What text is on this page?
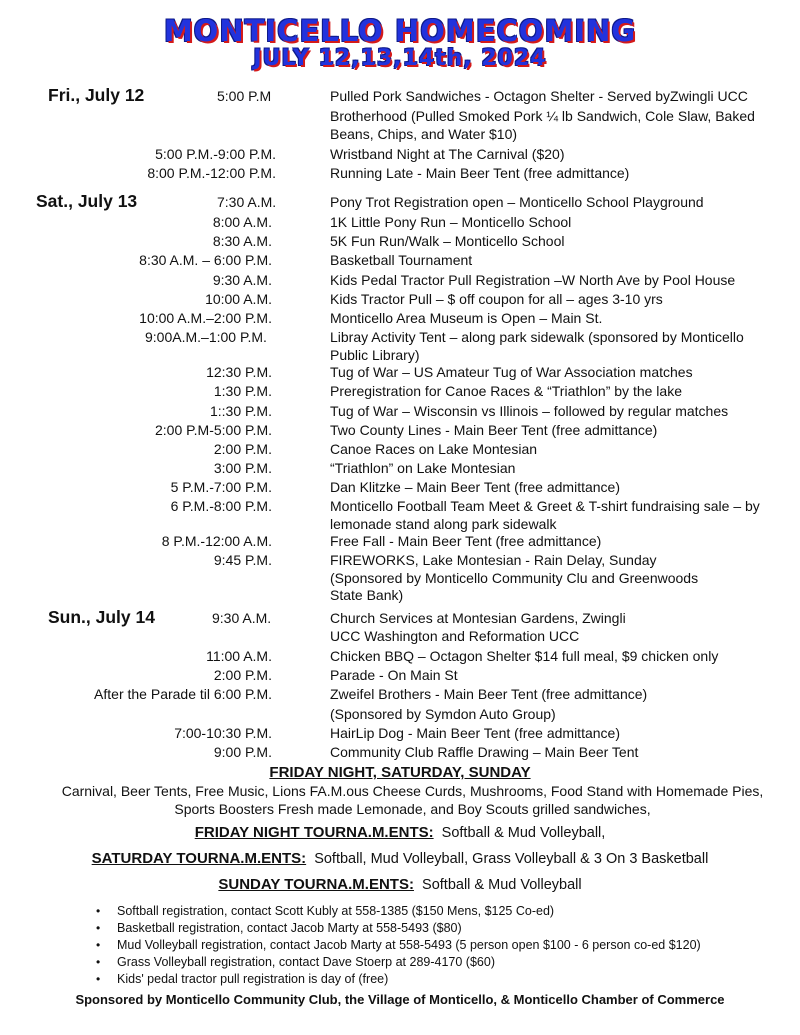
MONTICELLO HOMECOMING
JULY 12,13,14th, 2024
Fri., July 12	5:00 P.M	Pulled Pork Sandwiches - Octagon Shelter - Served byZwingli UCC
Brotherhood (Pulled Smoked Pork ¼ lb Sandwich, Cole Slaw, Baked Beans, Chips, and Water $10)
5:00 P.M.-9:00 P.M.	Wristband Night at The Carnival ($20)
8:00 P.M.-12:00 P.M.	Running Late - Main Beer Tent (free admittance)
Sat., July 13	7:30 A.M.	Pony Trot Registration open – Monticello School Playground
8:00 A.M.	1K Little Pony Run – Monticello School
8:30 A.M.	5K Fun Run/Walk – Monticello School
8:30 A.M. – 6:00 P.M.	Basketball Tournament
9:30 A.M.	Kids Pedal Tractor Pull Registration –W North Ave by Pool House
10:00 A.M.	Kids Tractor Pull – $ off coupon for all – ages 3-10 yrs
10:00 A.M.–2:00 P.M.	Monticello Area Museum is Open – Main St.
9:00A.M.–1:00 P.M.	Libray Activity Tent – along park sidewalk (sponsored by Monticello Public Library)
12:30 P.M.	Tug of War – US Amateur Tug of War Association matches
1:30 P.M.	Preregistration for Canoe Races & “Triathlon” by the lake
1::30 P.M.	Tug of War – Wisconsin vs Illinois – followed by regular matches
2:00 P.M-5:00 P.M.	Two County Lines - Main Beer Tent (free admittance)
2:00 P.M.	Canoe Races on Lake Montesian
3:00 P.M.	“Triathlon” on Lake Montesian
5 P.M.-7:00 P.M.	Dan Klitzke – Main Beer Tent (free admittance)
6 P.M.-8:00 P.M.	Monticello Football Team Meet & Greet & T-shirt fundraising sale – by lemonade stand along park sidewalk
8 P.M.-12:00 A.M.	Free Fall - Main Beer Tent (free admittance)
9:45 P.M.	FIREWORKS, Lake Montesian - Rain Delay, Sunday (Sponsored by Monticello Community Clu and Greenwoods State Bank)
Sun., July 14	9:30 A.M.	Church Services at Montesian Gardens, Zwingli UCC Washington and Reformation UCC
11:00 A.M.	Chicken BBQ – Octagon Shelter $14 full meal, $9 chicken only
2:00 P.M.	Parade - On Main St
After the Parade til 6:00 P.M.	Zweifel Brothers - Main Beer Tent (free admittance)
(Sponsored by Symdon Auto Group)
7:00-10:30 P.M.	HairLip Dog - Main Beer Tent (free admittance)
9:00 P.M.	Community Club Raffle Drawing – Main Beer Tent
FRIDAY NIGHT, SATURDAY, SUNDAY
Carnival, Beer Tents, Free Music, Lions FA.M.ous Cheese Curds, Mushrooms, Food Stand with Homemade Pies, Sports Boosters Fresh made Lemonade, and Boy Scouts grilled sandwiches,
FRIDAY NIGHT TOURNA.M.ENTS: Softball & Mud Volleyball,
SATURDAY TOURNA.M.ENTS: Softball, Mud Volleyball, Grass Volleyball & 3 On 3 Basketball
SUNDAY TOURNA.M.ENTS: Softball & Mud Volleyball
• Softball registration, contact Scott Kubly at 558-1385 ($150 Mens, $125 Co-ed)
• Basketball registration, contact Jacob Marty at 558-5493 ($80)
• Mud Volleyball registration, contact Jacob Marty at 558-5493 (5 person open $100 - 6 person co-ed $120)
• Grass Volleyball registration, contact Dave Stoerp at 289-4170 ($60)
• Kids' pedal tractor pull registration is day of (free)
Sponsored by Monticello Community Club, the Village of Monticello, & Monticello Chamber of Commerce
